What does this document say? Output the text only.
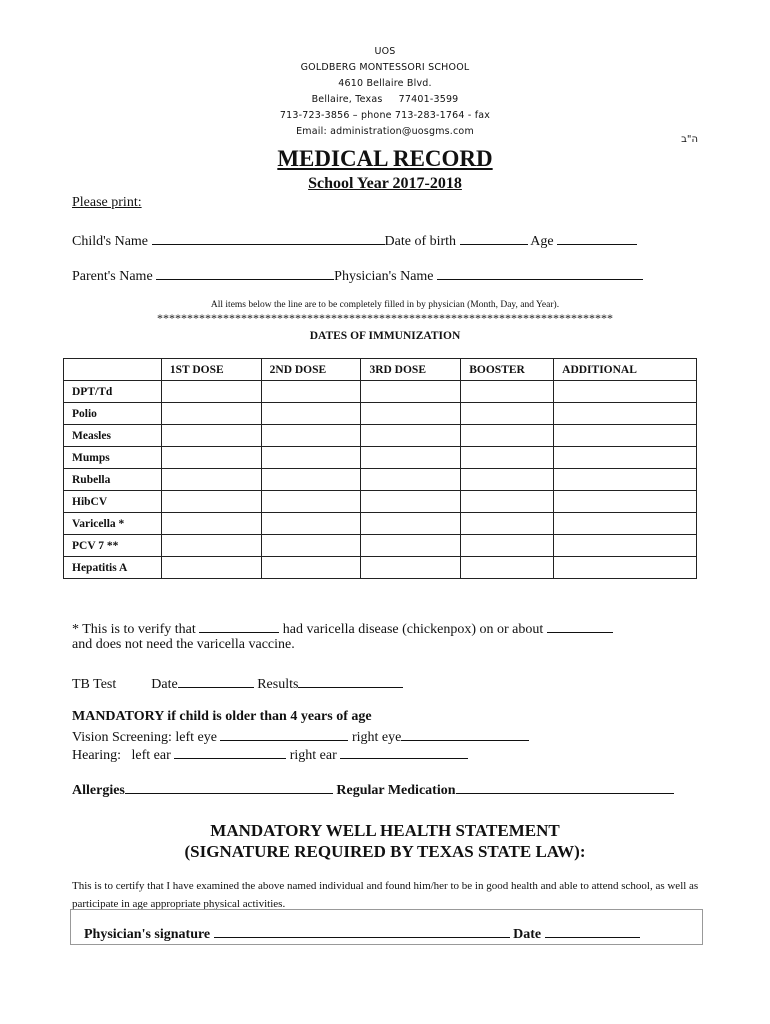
UOS
GOLDBERG MONTESSORI SCHOOL
4610 Bellaire Blvd.
Bellaire, Texas     77401-3599
713-723-3856 – phone 713-283-1764 - fax
Email: administration@uosgms.com
ה"ב
MEDICAL RECORD
School Year 2017-2018
Please print:
Child's Name	Date of birth	Age
Parent's Name	Physician's Name
All items below the line are to be completely filled in by physician (Month, Day, and Year).
****************************************************************************
DATES OF IMMUNIZATION
	1ST DOSE	2ND DOSE	3RD DOSE	BOOSTER	ADDITIONAL
DPT/Td					
Polio					
Measles					
Mumps					
Rubella					
HibCV					
Varicella *					
PCV 7 **					
Hepatitis A					
* This is to verify that	had varicella disease (chickenpox) on or about
and does not need the varicella vaccine.
TB Test	Date	Results
MANDATORY if child is older than 4 years of age
Vision Screening: left eye	right eye
Hearing:   left ear	right ear
Allergies	Regular Medication
MANDATORY WELL HEALTH STATEMENT
(SIGNATURE REQUIRED BY TEXAS STATE LAW):
This is to certify that I have examined the above named individual and found him/her to be in good health and able to attend school, as well as participate in age appropriate physical activities.
Physician's signature	Date
